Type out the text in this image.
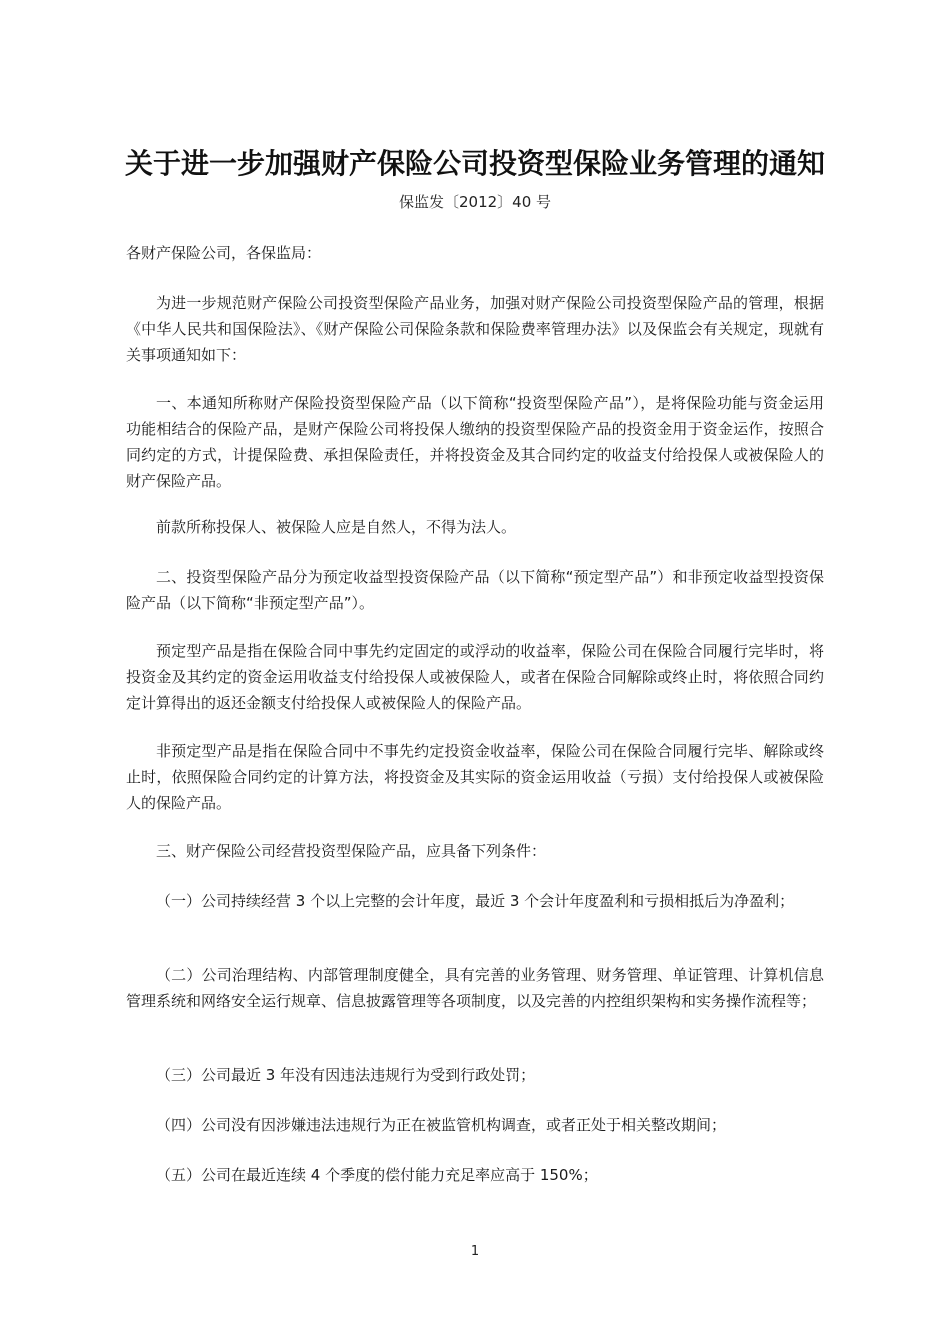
关于进一步加强财产保险公司投资型保险业务管理的通知
保监发〔2012〕40 号
各财产保险公司，各保监局：
为进一步规范财产保险公司投资型保险产品业务，加强对财产保险公司投资型保险产品的管理，根据《中华人民共和国保险法》、《财产保险公司保险条款和保险费率管理办法》以及保监会有关规定，现就有关事项通知如下：
一、本通知所称财产保险投资型保险产品（以下简称“投资型保险产品”），是将保险功能与资金运用功能相结合的保险产品，是财产保险公司将投保人缴纳的投资型保险产品的投资金用于资金运作，按照合同约定的方式，计提保险费、承担保险责任，并将投资金及其合同约定的收益支付给投保人或被保险人的财产保险产品。
前款所称投保人、被保险人应是自然人，不得为法人。
二、投资型保险产品分为预定收益型投资保险产品（以下简称“预定型产品”）和非预定收益型投资保险产品（以下简称“非预定型产品”）。
预定型产品是指在保险合同中事先约定固定的或浮动的收益率，保险公司在保险合同履行完毕时，将投资金及其约定的资金运用收益支付给投保人或被保险人，或者在保险合同解除或终止时，将依照合同约定计算得出的返还金额支付给投保人或被保险人的保险产品。
非预定型产品是指在保险合同中不事先约定投资金收益率，保险公司在保险合同履行完毕、解除或终止时，依照保险合同约定的计算方法，将投资金及其实际的资金运用收益（亏损）支付给投保人或被保险人的保险产品。
三、财产保险公司经营投资型保险产品，应具备下列条件：
（一）公司持续经营 3 个以上完整的会计年度，最近 3 个会计年度盈利和亏损相抵后为净盈利；
（二）公司治理结构、内部管理制度健全，具有完善的业务管理、财务管理、单证管理、计算机信息管理系统和网络安全运行规章、信息披露管理等各项制度，以及完善的内控组织架构和实务操作流程等；
（三）公司最近 3 年没有因违法违规行为受到行政处罚；
（四）公司没有因涉嫌违法违规行为正在被监管机构调查，或者正处于相关整改期间；
（五）公司在最近连续 4 个季度的偿付能力充足率应高于 150%；
1
